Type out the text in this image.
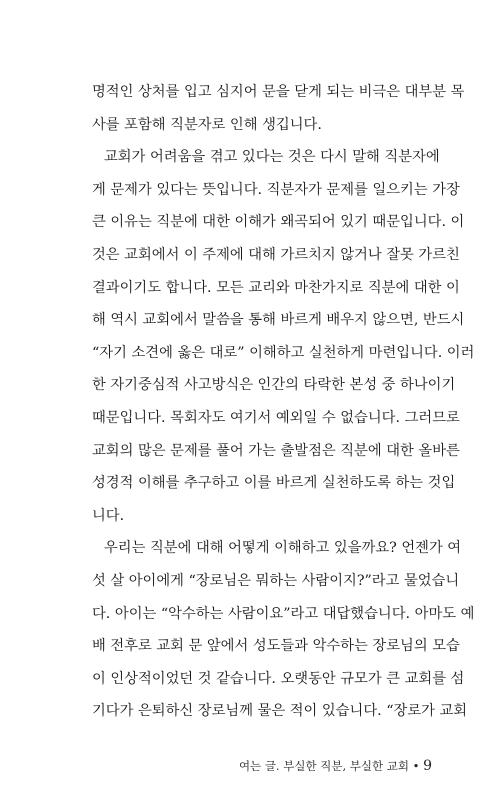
명적인 상처를 입고 심지어 문을 닫게 되는 비극은 대부분 목
사를 포함해 직분자로 인해 생깁니다.
교회가 어려움을 겪고 있다는 것은 다시 말해 직분자에
게 문제가 있다는 뜻입니다. 직분자가 문제를 일으키는 가장
큰 이유는 직분에 대한 이해가 왜곡되어 있기 때문입니다. 이
것은 교회에서 이 주제에 대해 가르치지 않거나 잘못 가르친
결과이기도 합니다. 모든 교리와 마찬가지로 직분에 대한 이
해 역시 교회에서 말씀을 통해 바르게 배우지 않으면, 반드시
“자기 소견에 옳은 대로” 이해하고 실천하게 마련입니다. 이러
한 자기중심적 사고방식은 인간의 타락한 본성 중 하나이기
때문입니다. 목회자도 여기서 예외일 수 없습니다. 그러므로
교회의 많은 문제를 풀어 가는 출발점은 직분에 대한 올바른
성경적 이해를 추구하고 이를 바르게 실천하도록 하는 것입
니다.
우리는 직분에 대해 어떻게 이해하고 있을까요? 언젠가 여
섯 살 아이에게 “장로님은 뭐하는 사람이지?”라고 물었습니
다. 아이는 “악수하는 사람이요”라고 대답했습니다. 아마도 예
배 전후로 교회 문 앞에서 성도들과 악수하는 장로님의 모습
이 인상적이었던 것 같습니다. 오랫동안 규모가 큰 교회를 섬
기다가 은퇴하신 장로님께 물은 적이 있습니다. “장로가 교회
여는 글. 부실한 직분, 부실한 교회 • 9
